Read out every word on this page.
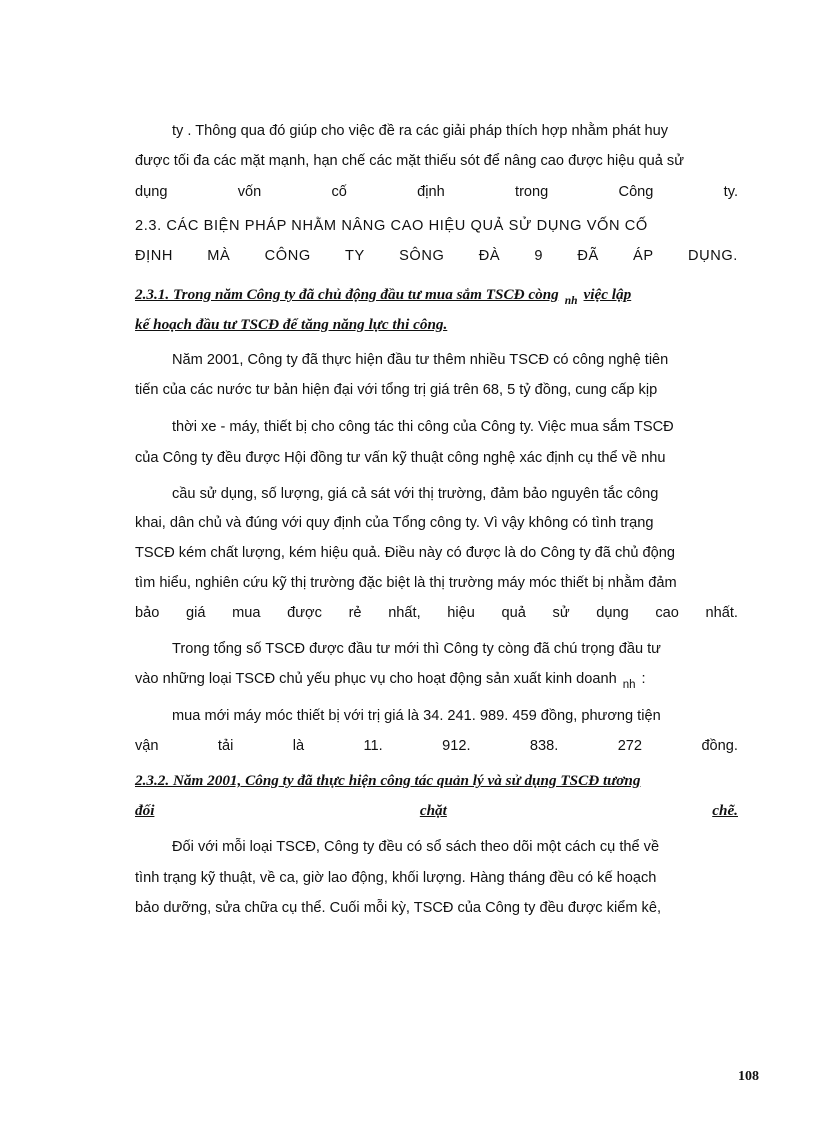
ty . Thông qua đó giúp cho việc đề ra các giải pháp thích hợp nhằm phát huy
được tối đa các mặt mạnh, hạn chế các mặt thiếu sót để nâng cao được hiệu quả sử
dụng	vốn	cố	định	trong	Công	ty.
2.3. CÁC BIỆN PHÁP NHẰM NÂNG CAO HIỆU QUẢ SỬ DỤNG VỐN CỐ
ĐỊNH MÀ CÔNG TY SÔNG ĐÀ 9 ĐÃ ÁP DỤNG.
2.3.1. Trong năm Công ty đã chủ động đầu tư mua sắm TSCĐ còng $_{nh}$ việc lập
kế hoạch đầu tư TSCĐ để tăng năng lực thi công.
Năm 2001, Công ty đã thực hiện đầu tư thêm nhiều TSCĐ có công nghệ tiên
tiến của các nước tư bản hiện đại với tổng trị giá trên 68, 5 tỷ đồng, cung cấp kịp
thời xe - máy, thiết bị cho công tác thi công của Công ty. Việc mua sắm TSCĐ
của Công ty đều được Hội đồng tư vấn kỹ thuật công nghệ xác định cụ thể về nhu
cầu sử dụng, số lượng, giá cả sát với thị trường, đảm bảo nguyên tắc công
khai, dân chủ và đúng với quy định của Tổng công ty. Vì vậy không có tình trạng
TSCĐ kém chất lượng, kém hiệu quả. Điều này có được là do Công ty đã chủ động
tìm hiểu, nghiên cứu kỹ thị trường đặc biệt là thị trường máy móc thiết bị nhằm đảm
bảo giá mua được rẻ nhất, hiệu quả sử dụng cao nhất.
Trong tổng số TSCĐ được đầu tư mới thì Công ty còng đã chú trọng đầu tư
vào những loại TSCĐ chủ yếu phục vụ cho hoạt động sản xuất kinh doanh $_{nh}$ :
mua mới máy móc thiết bị với trị giá là 34. 241. 989. 459 đồng, phương tiện
vận	tải	là	11.	912.	838.	272	đồng.
2.3.2. Năm 2001, Công ty đã thực hiện công tác quản lý và sử dụng TSCĐ tương
đối	chặt	chẽ.
Đối với mỗi loại TSCĐ, Công ty đều có sổ sách theo dõi một cách cụ thể về
tình trạng kỹ thuật, về ca, giờ lao động, khối lượng. Hàng tháng đều có kế hoạch
bảo dưỡng, sửa chữa cụ thể. Cuối mỗi kỳ, TSCĐ của Công ty đều được kiểm kê,
108
